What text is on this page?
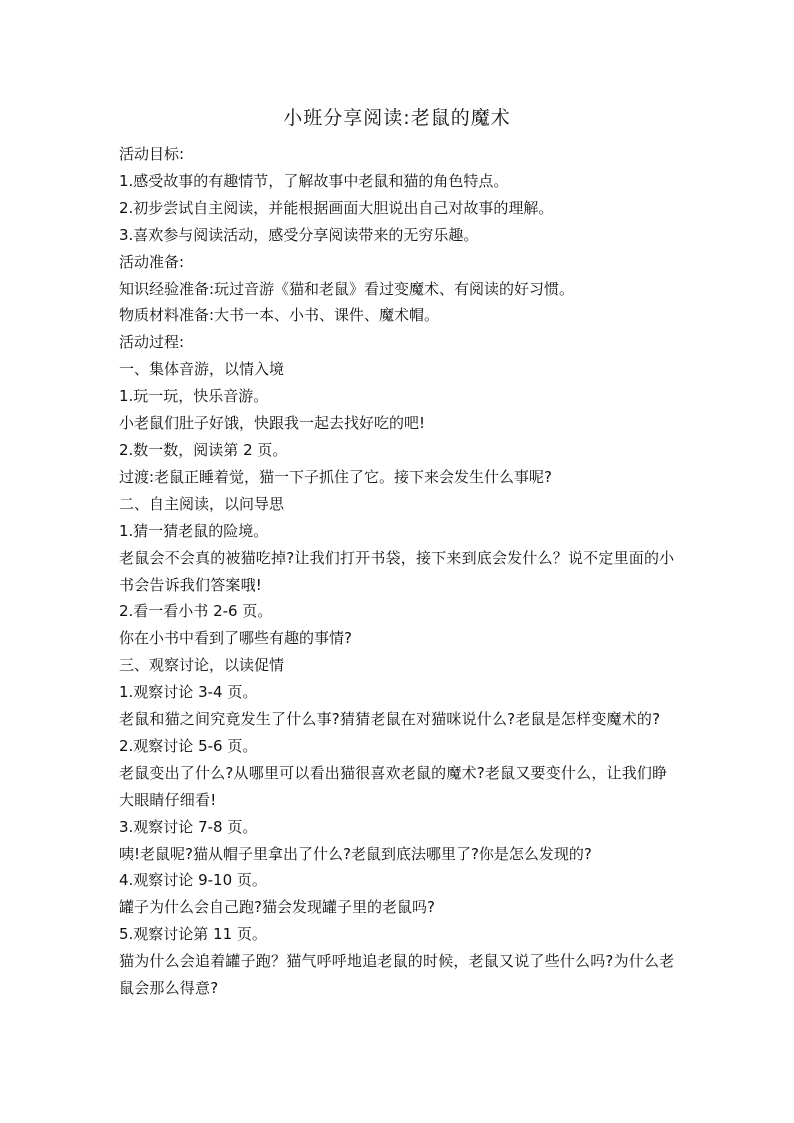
小班分享阅读:老鼠的魔术
活动目标:
1.感受故事的有趣情节，了解故事中老鼠和猫的角色特点。
2.初步尝试自主阅读，并能根据画面大胆说出自己对故事的理解。
3.喜欢参与阅读活动，感受分享阅读带来的无穷乐趣。
活动准备:
知识经验准备:玩过音游《猫和老鼠》看过变魔术、有阅读的好习惯。
物质材料准备:大书一本、小书、课件、魔术帽。
活动过程:
一、集体音游，以情入境
1.玩一玩，快乐音游。
小老鼠们肚子好饿，快跟我一起去找好吃的吧!
2.数一数，阅读第 2 页。
过渡:老鼠正睡着觉，猫一下子抓住了它。接下来会发生什么事呢?
二、自主阅读，以问导思
1.猜一猜老鼠的险境。
老鼠会不会真的被猫吃掉?让我们打开书袋，接下来到底会发什么？说不定里面的小书会告诉我们答案哦!
2.看一看小书 2-6 页。
你在小书中看到了哪些有趣的事情?
三、观察讨论，以读促情
1.观察讨论 3-4 页。
老鼠和猫之间究竟发生了什么事?猜猜老鼠在对猫咪说什么?老鼠是怎样变魔术的?
2.观察讨论 5-6 页。
老鼠变出了什么?从哪里可以看出猫很喜欢老鼠的魔术?老鼠又要变什么，让我们睁大眼睛仔细看!
3.观察讨论 7-8 页。
咦!老鼠呢?猫从帽子里拿出了什么?老鼠到底法哪里了?你是怎么发现的?
4.观察讨论 9-10 页。
罐子为什么会自己跑?猫会发现罐子里的老鼠吗?
5.观察讨论第 11 页。
猫为什么会追着罐子跑？猫气呼呼地追老鼠的时候，老鼠又说了些什么吗?为什么老鼠会那么得意?
